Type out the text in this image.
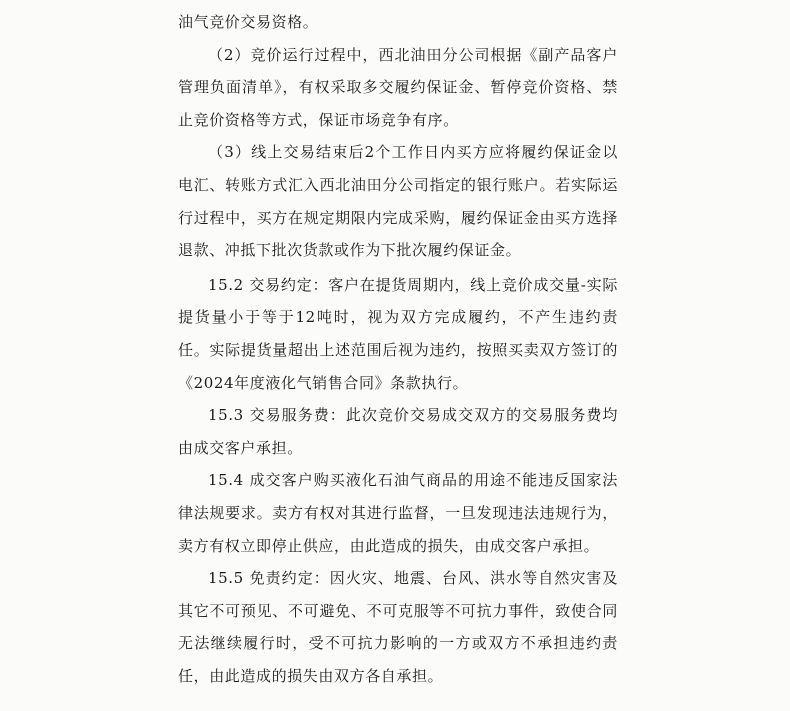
油气竞价交易资格。

（2）竞价运行过程中，西北油田分公司根据《副产品客户管理负面清单》，有权采取多交履约保证金、暂停竞价资格、禁止竞价资格等方式，保证市场竞争有序。

（3）线上交易结束后2个工作日内买方应将履约保证金以电汇、转账方式汇入西北油田分公司指定的银行账户。若实际运行过程中，买方在规定期限内完成采购，履约保证金由买方选择退款、冲抵下批次货款或作为下批次履约保证金。

15.2 交易约定：客户在提货周期内，线上竞价成交量-实际提货量小于等于12吨时，视为双方完成履约，不产生违约责任。实际提货量超出上述范围后视为违约，按照买卖双方签订的《2024年度液化气销售合同》条款执行。

15.3 交易服务费：此次竞价交易成交双方的交易服务费均由成交客户承担。

15.4 成交客户购买液化石油气商品的用途不能违反国家法律法规要求。卖方有权对其进行监督，一旦发现违法违规行为，卖方有权立即停止供应，由此造成的损失，由成交客户承担。

15.5 免责约定：因火灾、地震、台风、洪水等自然灾害及其它不可预见、不可避免、不可克服等不可抗力事件，致使合同无法继续履行时，受不可抗力影响的一方或双方不承担违约责任，由此造成的损失由双方各自承担。
